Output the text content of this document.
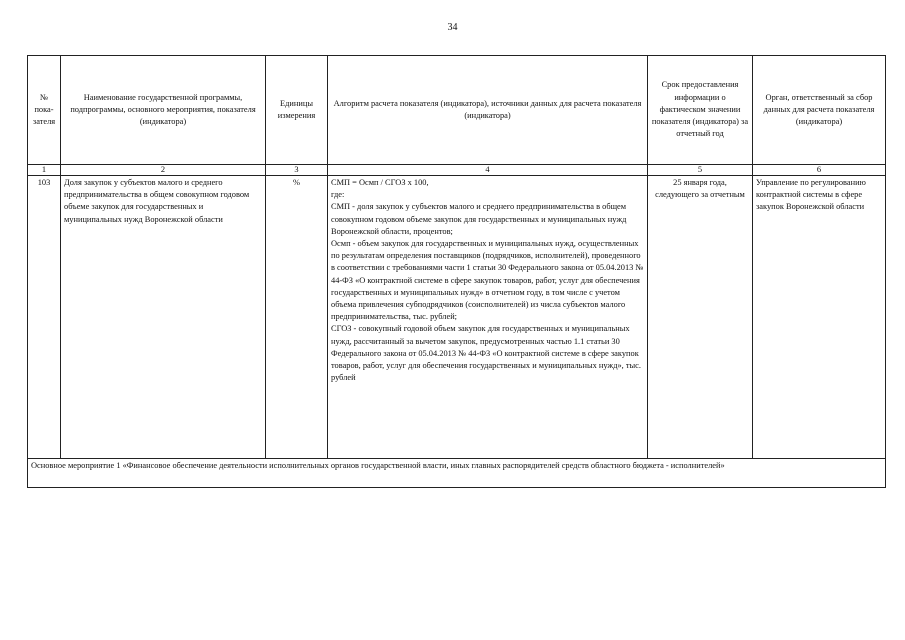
34
№ пока-зателя	Наименование государственной программы, подпрограммы, основного мероприятия, показателя (индикатора)	Единицы измерения	Алгоритм расчета показателя (индикатора), источники данных для расчета показателя (индикатора)	Срок предоставления информации о фактическом значении показателя (индикатора) за отчетный год	Орган, ответственный за сбор данных для расчета показателя (индикатора)
1	2	3	4	5	6
103	Доля закупок у субъектов малого и среднего предпринимательства в общем совокупном годовом объеме закупок для государственных и муниципальных нужд Воронежской области	%	СМП = Осмп / СГОЗ х 100,
где:
СМП - доля закупок у субъектов малого и среднего предпринимательства в общем совокупном годовом объеме закупок для государственных и муниципальных нужд Воронежской области, процентов;
Осмп - объем закупок для государственных и муниципальных нужд, осуществленных по результатам определения поставщиков (подрядчиков, исполнителей), проведенного в соответствии с требованиями части 1 статьи 30 Федерального закона от 05.04.2013 № 44-ФЗ «О контрактной системе в сфере закупок товаров, работ, услуг для обеспечения государственных и муниципальных нужд» в отчетном году, в том числе с учетом объема привлечения субподрядчиков (соисполнителей) из числа субъектов малого предпринимательства, тыс. рублей;
СГОЗ - совокупный годовой объем закупок для государственных и муниципальных нужд, рассчитанный за вычетом закупок, предусмотренных частью 1.1 статьи 30 Федерального закона от 05.04.2013 № 44-ФЗ «О контрактной системе в сфере закупок товаров, работ, услуг для обеспечения государственных и муниципальных нужд», тыс. рублей	25 января года, следующего за отчетным	Управление по регулированию контрактной системы в сфере закупок Воронежской области
Основное мероприятие 1 «Финансовое обеспечение деятельности исполнительных органов государственной власти, иных главных распорядителей средств областного бюджета - исполнителей»					
